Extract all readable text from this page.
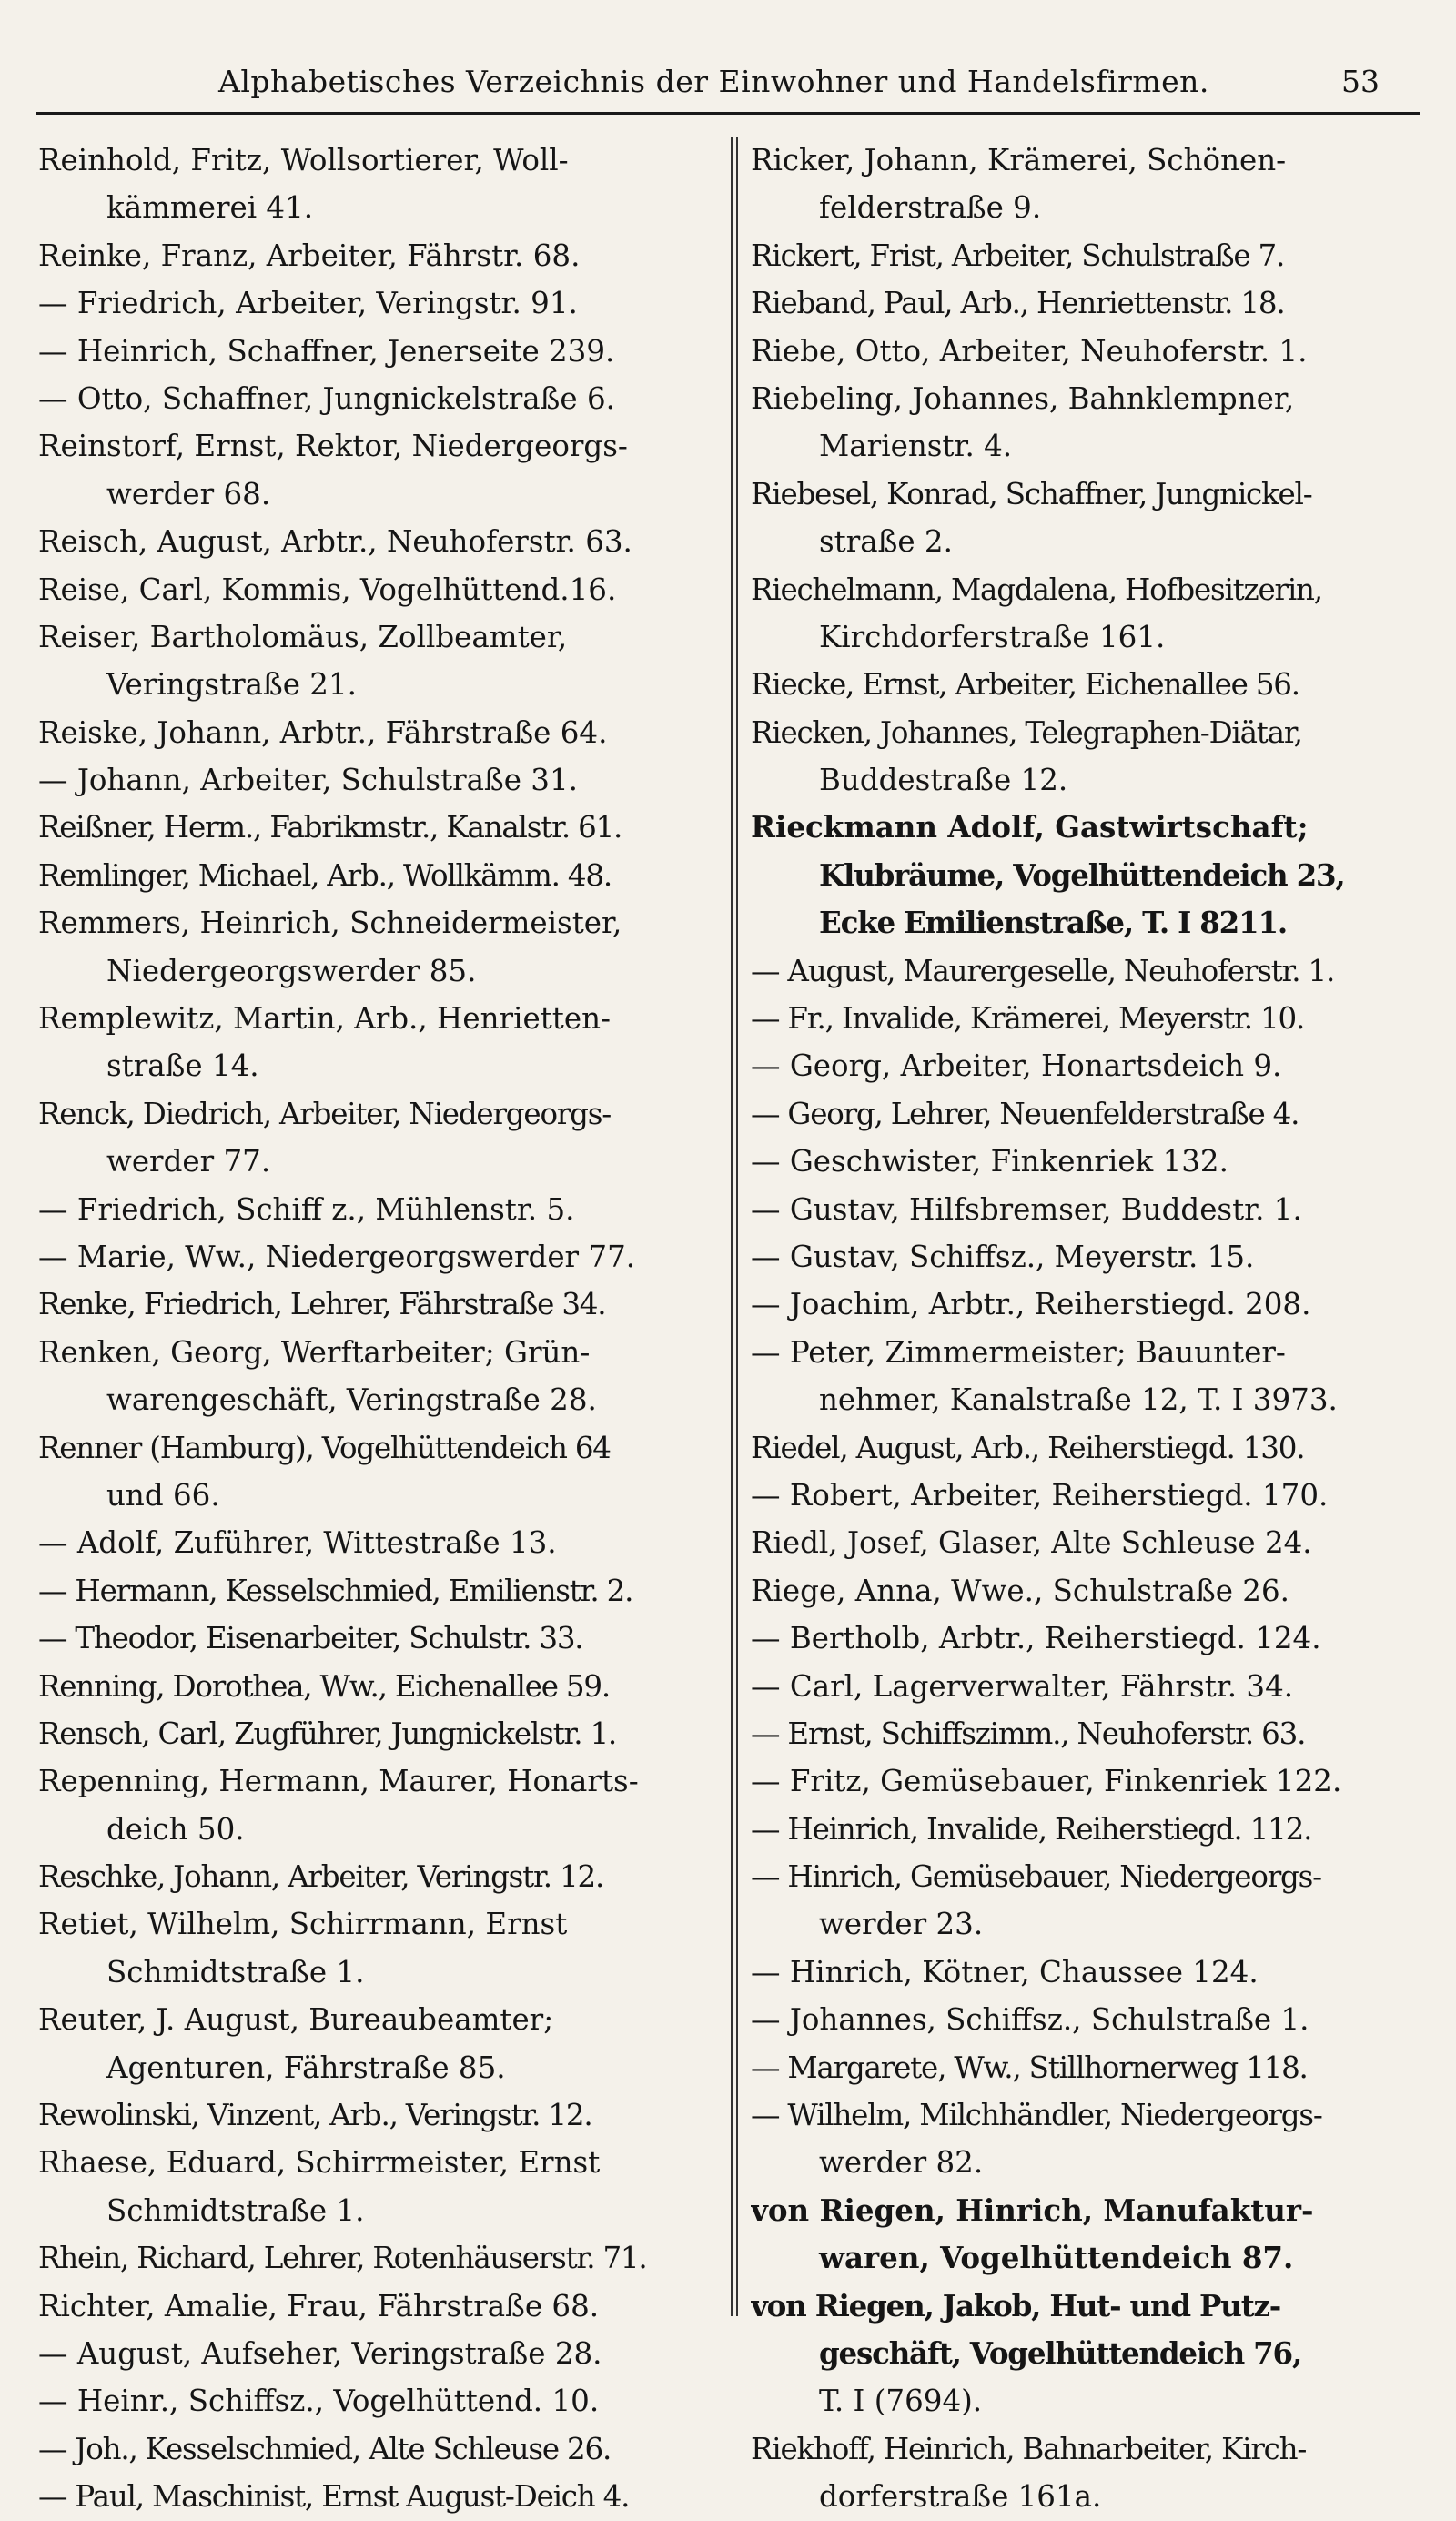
Alphabetisches Verzeichnis der Einwohner und Handelsfirmen.	53
Reinhold, Fritz, Wollsortierer, Woll-
kämmerei 41.
Reinke, Franz, Arbeiter, Fährstr. 68.
— Friedrich, Arbeiter, Veringstr. 91.
— Heinrich, Schaffner, Jenerseite 239.
— Otto, Schaffner, Jungnickelstraße 6.
Reinstorf, Ernst, Rektor, Niedergeorgs-
werder 68.
Reisch, August, Arbtr., Neuhoferstr. 63.
Reise, Carl, Kommis, Vogelhüttend.16.
Reiser, Bartholomäus, Zollbeamter,
Veringstraße 21.
Reiske, Johann, Arbtr., Fährstraße 64.
— Johann, Arbeiter, Schulstraße 31.
Reißner, Herm., Fabrikmstr., Kanalstr. 61.
Remlinger, Michael, Arb., Wollkämm. 48.
Remmers, Heinrich, Schneidermeister,
Niedergeorgswerder 85.
Remplewitz, Martin, Arb., Henrietten-
straße 14.
Renck, Diedrich, Arbeiter, Niedergeorgs-
werder 77.
— Friedrich, Schiff z., Mühlenstr. 5.
— Marie, Ww., Niedergeorgswerder 77.
Renke, Friedrich, Lehrer, Fährstraße 34.
Renken, Georg, Werftarbeiter; Grün-
warengeschäft, Veringstraße 28.
Renner (Hamburg), Vogelhüttendeich 64
und 66.
— Adolf, Zuführer, Wittestraße 13.
— Hermann, Kesselschmied, Emilienstr. 2.
— Theodor, Eisenarbeiter, Schulstr. 33.
Renning, Dorothea, Ww., Eichenallee 59.
Rensch, Carl, Zugführer, Jungnickelstr. 1.
Repenning, Hermann, Maurer, Honarts-
deich 50.
Reschke, Johann, Arbeiter, Veringstr. 12.
Retiet, Wilhelm, Schirrmann, Ernst
Schmidtstraße 1.
Reuter, J. August, Bureaubeamter;
Agenturen, Fährstraße 85.
Rewolinski, Vinzent, Arb., Veringstr. 12.
Rhaese, Eduard, Schirrmeister, Ernst
Schmidtstraße 1.
Rhein, Richard, Lehrer, Rotenhäuserstr. 71.
Richter, Amalie, Frau, Fährstraße 68.
— August, Aufseher, Veringstraße 28.
— Heinr., Schiffsz., Vogelhüttend. 10.
— Joh., Kesselschmied, Alte Schleuse 26.
— Paul, Maschinist, Ernst August-Deich 4.
Ricker, Johann, Krämerei, Schönen-
felderstraße 9.
Rickert, Frist, Arbeiter, Schulstraße 7.
Rieband, Paul, Arb., Henriettenstr. 18.
Riebe, Otto, Arbeiter, Neuhoferstr. 1.
Riebeling, Johannes, Bahnklempner,
Marienstr. 4.
Riebesel, Konrad, Schaffner, Jungnickel-
straße 2.
Riechelmann, Magdalena, Hofbesitzerin,
Kirchdorferstraße 161.
Riecke, Ernst, Arbeiter, Eichenallee 56.
Riecken, Johannes, Telegraphen-Diätar,
Buddestraße 12.
Rieckmann Adolf, Gastwirtschaft;
Klubräume, Vogelhüttendeich 23,
Ecke Emilienstraße, T. I 8211.
— August, Maurergeselle, Neuhoferstr. 1.
— Fr., Invalide, Krämerei, Meyerstr. 10.
— Georg, Arbeiter, Honartsdeich 9.
— Georg, Lehrer, Neuenfelderstraße 4.
— Geschwister, Finkenriek 132.
— Gustav, Hilfsbremser, Buddestr. 1.
— Gustav, Schiffsz., Meyerstr. 15.
— Joachim, Arbtr., Reiherstiegd. 208.
— Peter, Zimmermeister; Bauunter-
nehmer, Kanalstraße 12, T. I 3973.
Riedel, August, Arb., Reiherstiegd. 130.
— Robert, Arbeiter, Reiherstiegd. 170.
Riedl, Josef, Glaser, Alte Schleuse 24.
Riege, Anna, Wwe., Schulstraße 26.
— Bertholb, Arbtr., Reiherstiegd. 124.
— Carl, Lagerverwalter, Fährstr. 34.
— Ernst, Schiffszimm., Neuhoferstr. 63.
— Fritz, Gemüsebauer, Finkenriek 122.
— Heinrich, Invalide, Reiherstiegd. 112.
— Hinrich, Gemüsebauer, Niedergeorgs-
werder 23.
— Hinrich, Kötner, Chaussee 124.
— Johannes, Schiffsz., Schulstraße 1.
— Margarete, Ww., Stillhornerweg 118.
— Wilhelm, Milchhändler, Niedergeorgs-
werder 82.
von Riegen, Hinrich, Manufaktur-
waren, Vogelhüttendeich 87.
von Riegen, Jakob, Hut- und Putz-
geschäft, Vogelhüttendeich 76,
T. I (7694).
Riekhoff, Heinrich, Bahnarbeiter, Kirch-
dorferstraße 161a.
